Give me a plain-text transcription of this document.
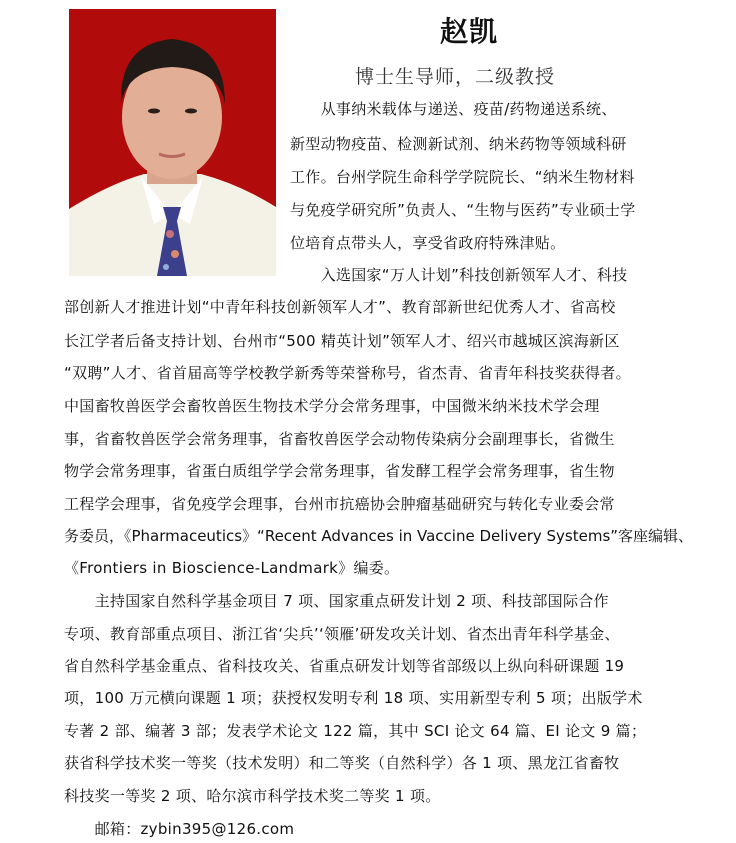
赵凯
博士生导师，二级教授
　　从事纳米载体与递送、疫苗/药物递送系统、
新型动物疫苗、检测新试剂、纳米药物等领域科研
工作。台州学院生命科学学院院长、“纳米生物材料
与免疫学研究所”负责人、“生物与医药”专业硕士学
位培育点带头人，享受省政府特殊津贴。
　　入选国家“万人计划”科技创新领军人才、科技
部创新人才推进计划“中青年科技创新领军人才”、教育部新世纪优秀人才、省高校
长江学者后备支持计划、台州市“500 精英计划”领军人才、绍兴市越城区滨海新区
“双聘”人才、省首届高等学校教学新秀等荣誉称号，省杰青、省青年科技奖获得者。
中国畜牧兽医学会畜牧兽医生物技术学分会常务理事，中国微米纳米技术学会理
事，省畜牧兽医学会常务理事，省畜牧兽医学会动物传染病分会副理事长，省微生
物学会常务理事，省蛋白质组学学会常务理事，省发酵工程学会常务理事，省生物
工程学会理事，省免疫学会理事，台州市抗癌协会肿瘤基础研究与转化专业委会常
务委员，《Pharmaceutics》“Recent Advances in Vaccine Delivery Systems”客座编辑、
《Frontiers in Bioscience-Landmark》编委。
　　主持国家自然科学基金项目 7 项、国家重点研发计划 2 项、科技部国际合作
专项、教育部重点项目、浙江省‘尖兵’‘领雁’研发攻关计划、省杰出青年科学基金、
省自然科学基金重点、省科技攻关、省重点研发计划等省部级以上纵向科研课题 19
项，100 万元横向课题 1 项；获授权发明专利 18 项、实用新型专利 5 项；出版学术
专著 2 部、编著 3 部；发表学术论文 122 篇，其中 SCI 论文 64 篇、EI 论文 9 篇；
获省科学技术奖一等奖（技术发明）和二等奖（自然科学）各 1 项、黑龙江省畜牧
科技奖一等奖 2 项、哈尔滨市科学技术奖二等奖 1 项。
　　邮箱：zybin395@126.com
